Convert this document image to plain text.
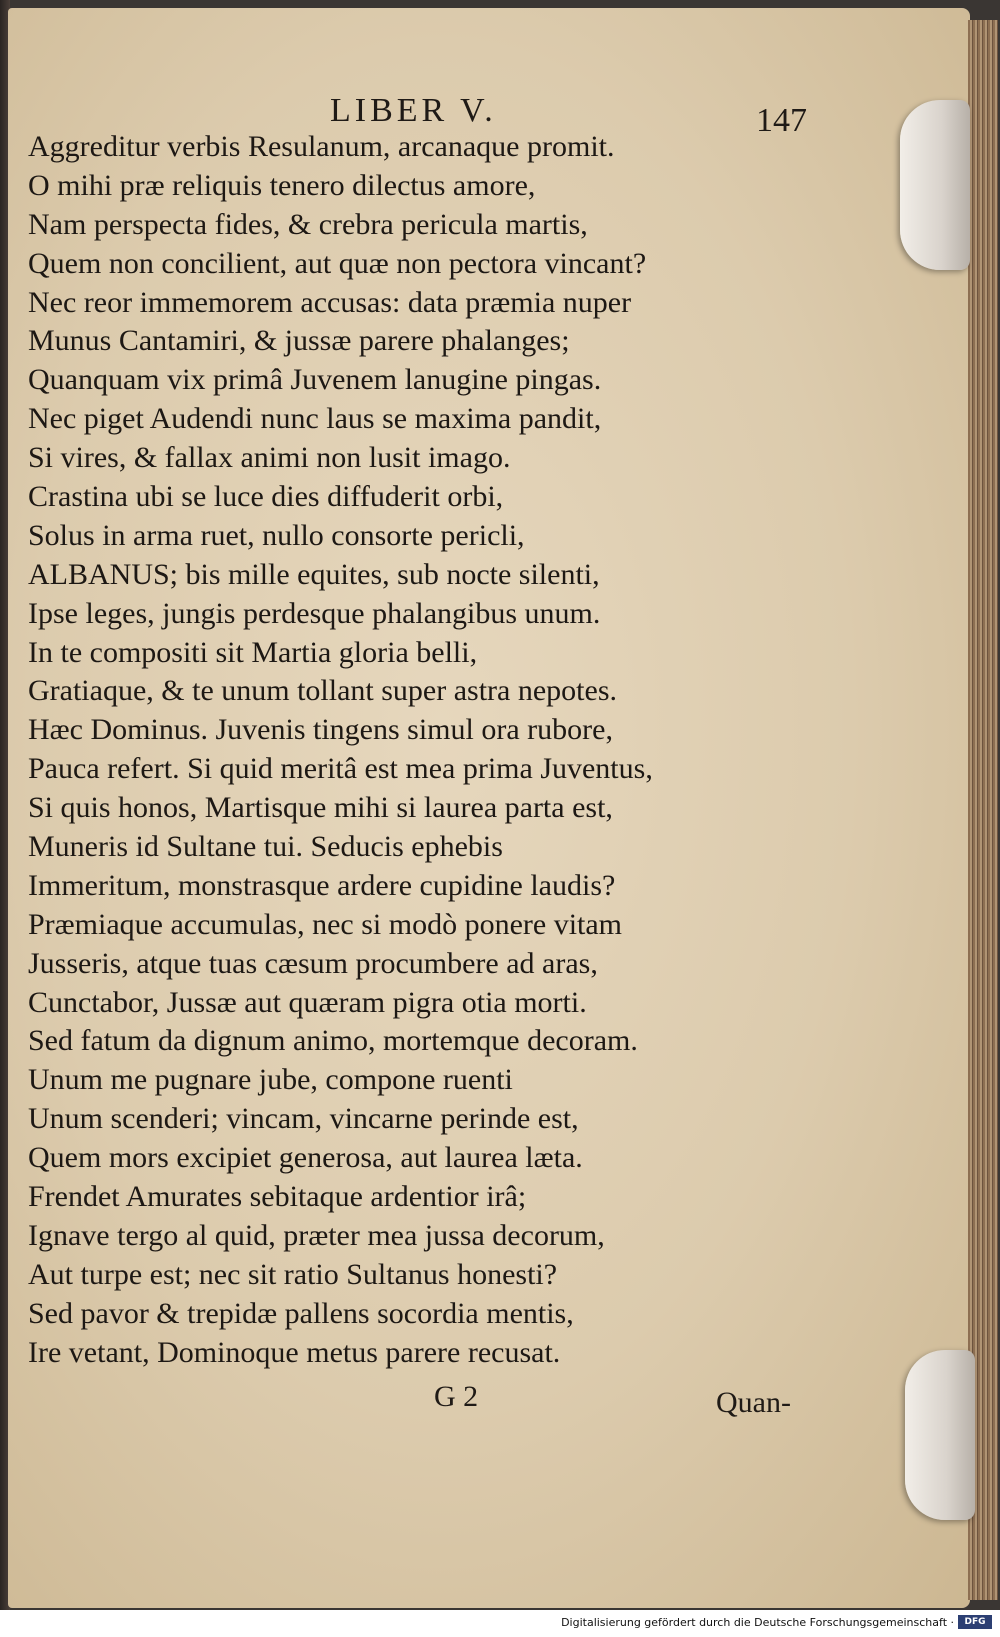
LIBER V.	147
Aggreditur verbis Resulanum, arcanaque promit.
O mihi præ reliquis tenero dilectus amore,
Nam perspecta fides, & crebra pericula martis,
Quem non concilient, aut quæ non pectora vincant?
Nec reor immemorem accusas: data præmia nuper
Munus Cantamiri, & jussæ parere phalanges;
Quanquam vix primâ Juvenem lanugine pingas.
Nec piget Audendi nunc laus se maxima pandit,
Si vires, & fallax animi non lusit imago.
Crastina ubi se luce dies diffuderit orbi,
Solus in arma ruet, nullo consorte pericli,
ALBANUS; bis mille equites, sub nocte silenti,
Ipse leges, jungis perdesque phalangibus unum.
In te compositi sit Martia gloria belli,
Gratiaque, & te unum tollant super astra nepotes.
Hæc Dominus. Juvenis tingens simul ora rubore,
Pauca refert. Si quid meritâ est mea prima Juventus,
Si quis honos, Martisque mihi si laurea parta est,
Muneris id Sultane tui. Seducis ephebis
Immeritum, monstrasque ardere cupidine laudis?
Præmiaque accumulas, nec si modò ponere vitam
Jusseris, atque tuas cæsum procumbere ad aras,
Cunctabor, Jussæ aut quæram pigra otia morti.
Sed fatum da dignum animo, mortemque decoram.
Unum me pugnare jube, compone ruenti
Unum scenderi; vincam, vincarne perinde est,
Quem mors excipiet generosa, aut laurea læta.
Frendet Amurates sebitaque ardentior irâ;
Ignave tergo al quid, præter mea jussa decorum,
Aut turpe est; nec sit ratio Sultanus honesti?
Sed pavor & trepidæ pallens socordia mentis,
Ire vetant, Dominoque metus parere recusat.
G 2	Quan-
Digitalisierung gefördert durch die Deutsche Forschungsgemeinschaft ·	DFG
